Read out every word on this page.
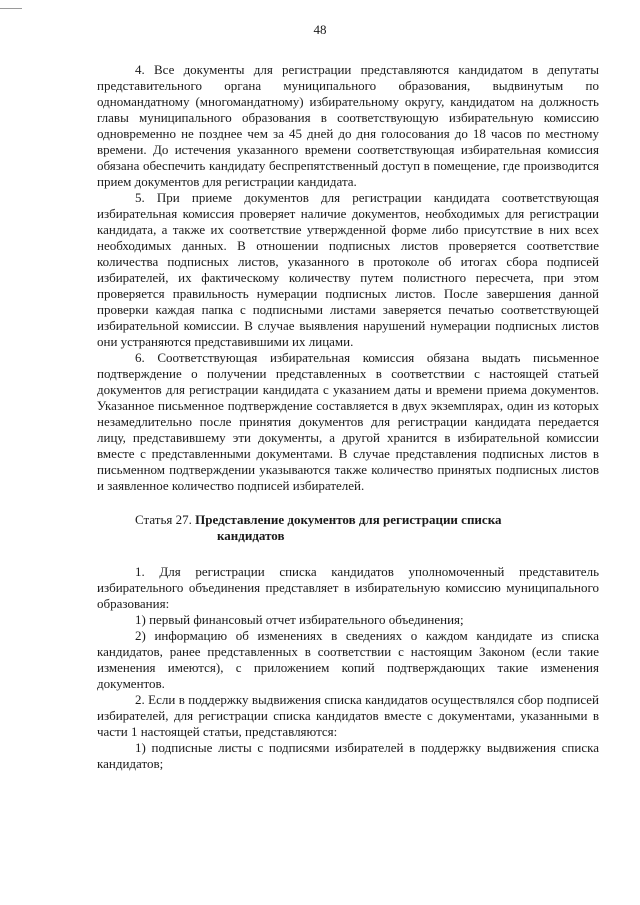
48

4. Все документы для регистрации представляются кандидатом в депутаты представительного органа муниципального образования, выдвинутым по одномандатному (многомандатному) избирательному округу, кандидатом на должность главы муниципального образования в соответствующую избирательную комиссию одновременно не позднее чем за 45 дней до дня голосования до 18 часов по местному времени. До истечения указанного времени соответствующая избирательная комиссия обязана обеспечить кандидату беспрепятственный доступ в помещение, где производится прием документов для регистрации кандидата.

5. При приеме документов для регистрации кандидата соответствующая избирательная комиссия проверяет наличие документов, необходимых для регистрации кандидата, а также их соответствие утвержденной форме либо присутствие в них всех необходимых данных. В отношении подписных листов проверяется соответствие количества подписных листов, указанного в протоколе об итогах сбора подписей избирателей, их фактическому количеству путем полистного пересчета, при этом проверяется правильность нумерации подписных листов. После завершения данной проверки каждая папка с подписными листами заверяется печатью соответствующей избирательной комиссии. В случае выявления нарушений нумерации подписных листов они устраняются представившими их лицами.

6. Соответствующая избирательная комиссия обязана выдать письменное подтверждение о получении представленных в соответствии с настоящей статьей документов для регистрации кандидата с указанием даты и времени приема документов. Указанное письменное подтверждение составляется в двух экземплярах, один из которых незамедлительно после принятия документов для регистрации кандидата передается лицу, представившему эти документы, а другой хранится в избирательной комиссии вместе с представленными документами. В случае представления подписных листов в письменном подтверждении указываются также количество принятых подписных листов и заявленное количество подписей избирателей.

Статья 27. Представление документов для регистрации списка
кандидатов

1. Для регистрации списка кандидатов уполномоченный представитель избирательного объединения представляет в избирательную комиссию муниципального образования:

1) первый финансовый отчет избирательного объединения;

2) информацию об изменениях в сведениях о каждом кандидате из списка кандидатов, ранее представленных в соответствии с настоящим Законом (если такие изменения имеются), с приложением копий подтверждающих такие изменения документов.

2. Если в поддержку выдвижения списка кандидатов осуществлялся сбор подписей избирателей, для регистрации списка кандидатов вместе с документами, указанными в части 1 настоящей статьи, представляются:

1) подписные листы с подписями избирателей в поддержку выдвижения списка кандидатов;
